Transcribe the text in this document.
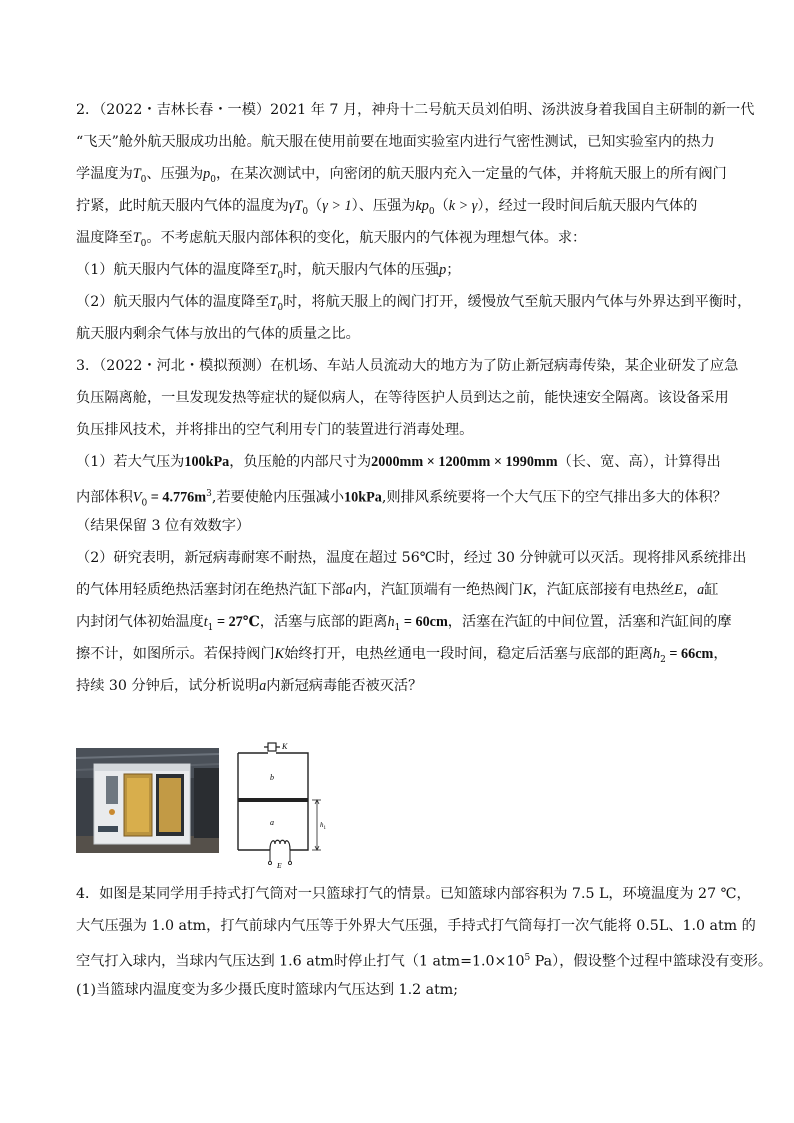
2．（2022・吉林长春・一模）2021 年 7 月，神舟十二号航天员刘伯明、汤洪波身着我国自主研制的新一代
“飞天”舱外航天服成功出舱。航天服在使用前要在地面实验室内进行气密性测试，已知实验室内的热力
学温度为$T_0$、压强为$p_0$，在某次测试中，向密闭的航天服内充入一定量的气体，并将航天服上的所有阀门
拧紧，此时航天服内气体的温度为$\gamma T_0(\gamma > 1)$、压强为$kp_0(k > \gamma)$，经过一段时间后航天服内气体的
温度降至$T_0$。不考虑航天服内部体积的变化，航天服内的气体视为理想气体。求：
（1）航天服内气体的温度降至$T_0$时，航天服内气体的压强p；
（2）航天服内气体的温度降至$T_0$时，将航天服上的阀门打开，缓慢放气至航天服内气体与外界达到平衡时，
航天服内剩余气体与放出的气体的质量之比。
3．（2022・河北・模拟预测）在机场、车站人员流动大的地方为了防止新冠病毒传染，某企业研发了应急
负压隔离舱，一旦发现发热等症状的疑似病人，在等待医护人员到达之前，能快速安全隔离。该设备采用
负压排风技术，并将排出的空气利用专门的装置进行消毒处理。
（1）若大气压为100kPa，负压舱的内部尺寸为2000mm × 1200mm × 1990mm（长、宽、高），计算得出
内部体积$V_0 = 4.776m^3$,若要使舱内压强减小10kPa,则排风系统要将一个大气压下的空气排出多大的体积？
（结果保留 3 位有效数字）
（2）研究表明，新冠病毒耐寒不耐热，温度在超过 56℃时，经过 30 分钟就可以灭活。现将排风系统排出
的气体用轻质绝热活塞封闭在绝热汽缸下部a内，汽缸顶端有一绝热阀门K，汽缸底部接有电热丝E，a缸
内封闭气体初始温度$t_1$ = 27℃，活塞与底部的距离$h_1 = 60cm$，活塞在汽缸的中间位置，活塞和汽缸间的摩
擦不计，如图所示。若保持阀门K始终打开，电热丝通电一段时间，稳定后活塞与底部的距离$h_2 = 66cm$，
持续 30 分钟后，试分析说明a内新冠病毒能否被灭活？
K
b
a	$h_1$
E
4．如图是某同学用手持式打气筒对一只篮球打气的情景。已知篮球内部容积为 7.5 L，环境温度为 27 ℃，
大气压强为 1.0 atm，打气前球内气压等于外界大气压强，手持式打气筒每打一次气能将 0.5L、1.0 atm 的
空气打入球内，当球内气压达到 1.6 atm时停止打气（1 $atm=1.0\times 10^5$ Pa），假设整个过程中篮球没有变形。
(1)当篮球内温度变为多少摄氏度时篮球内气压达到 1.2 atm;
